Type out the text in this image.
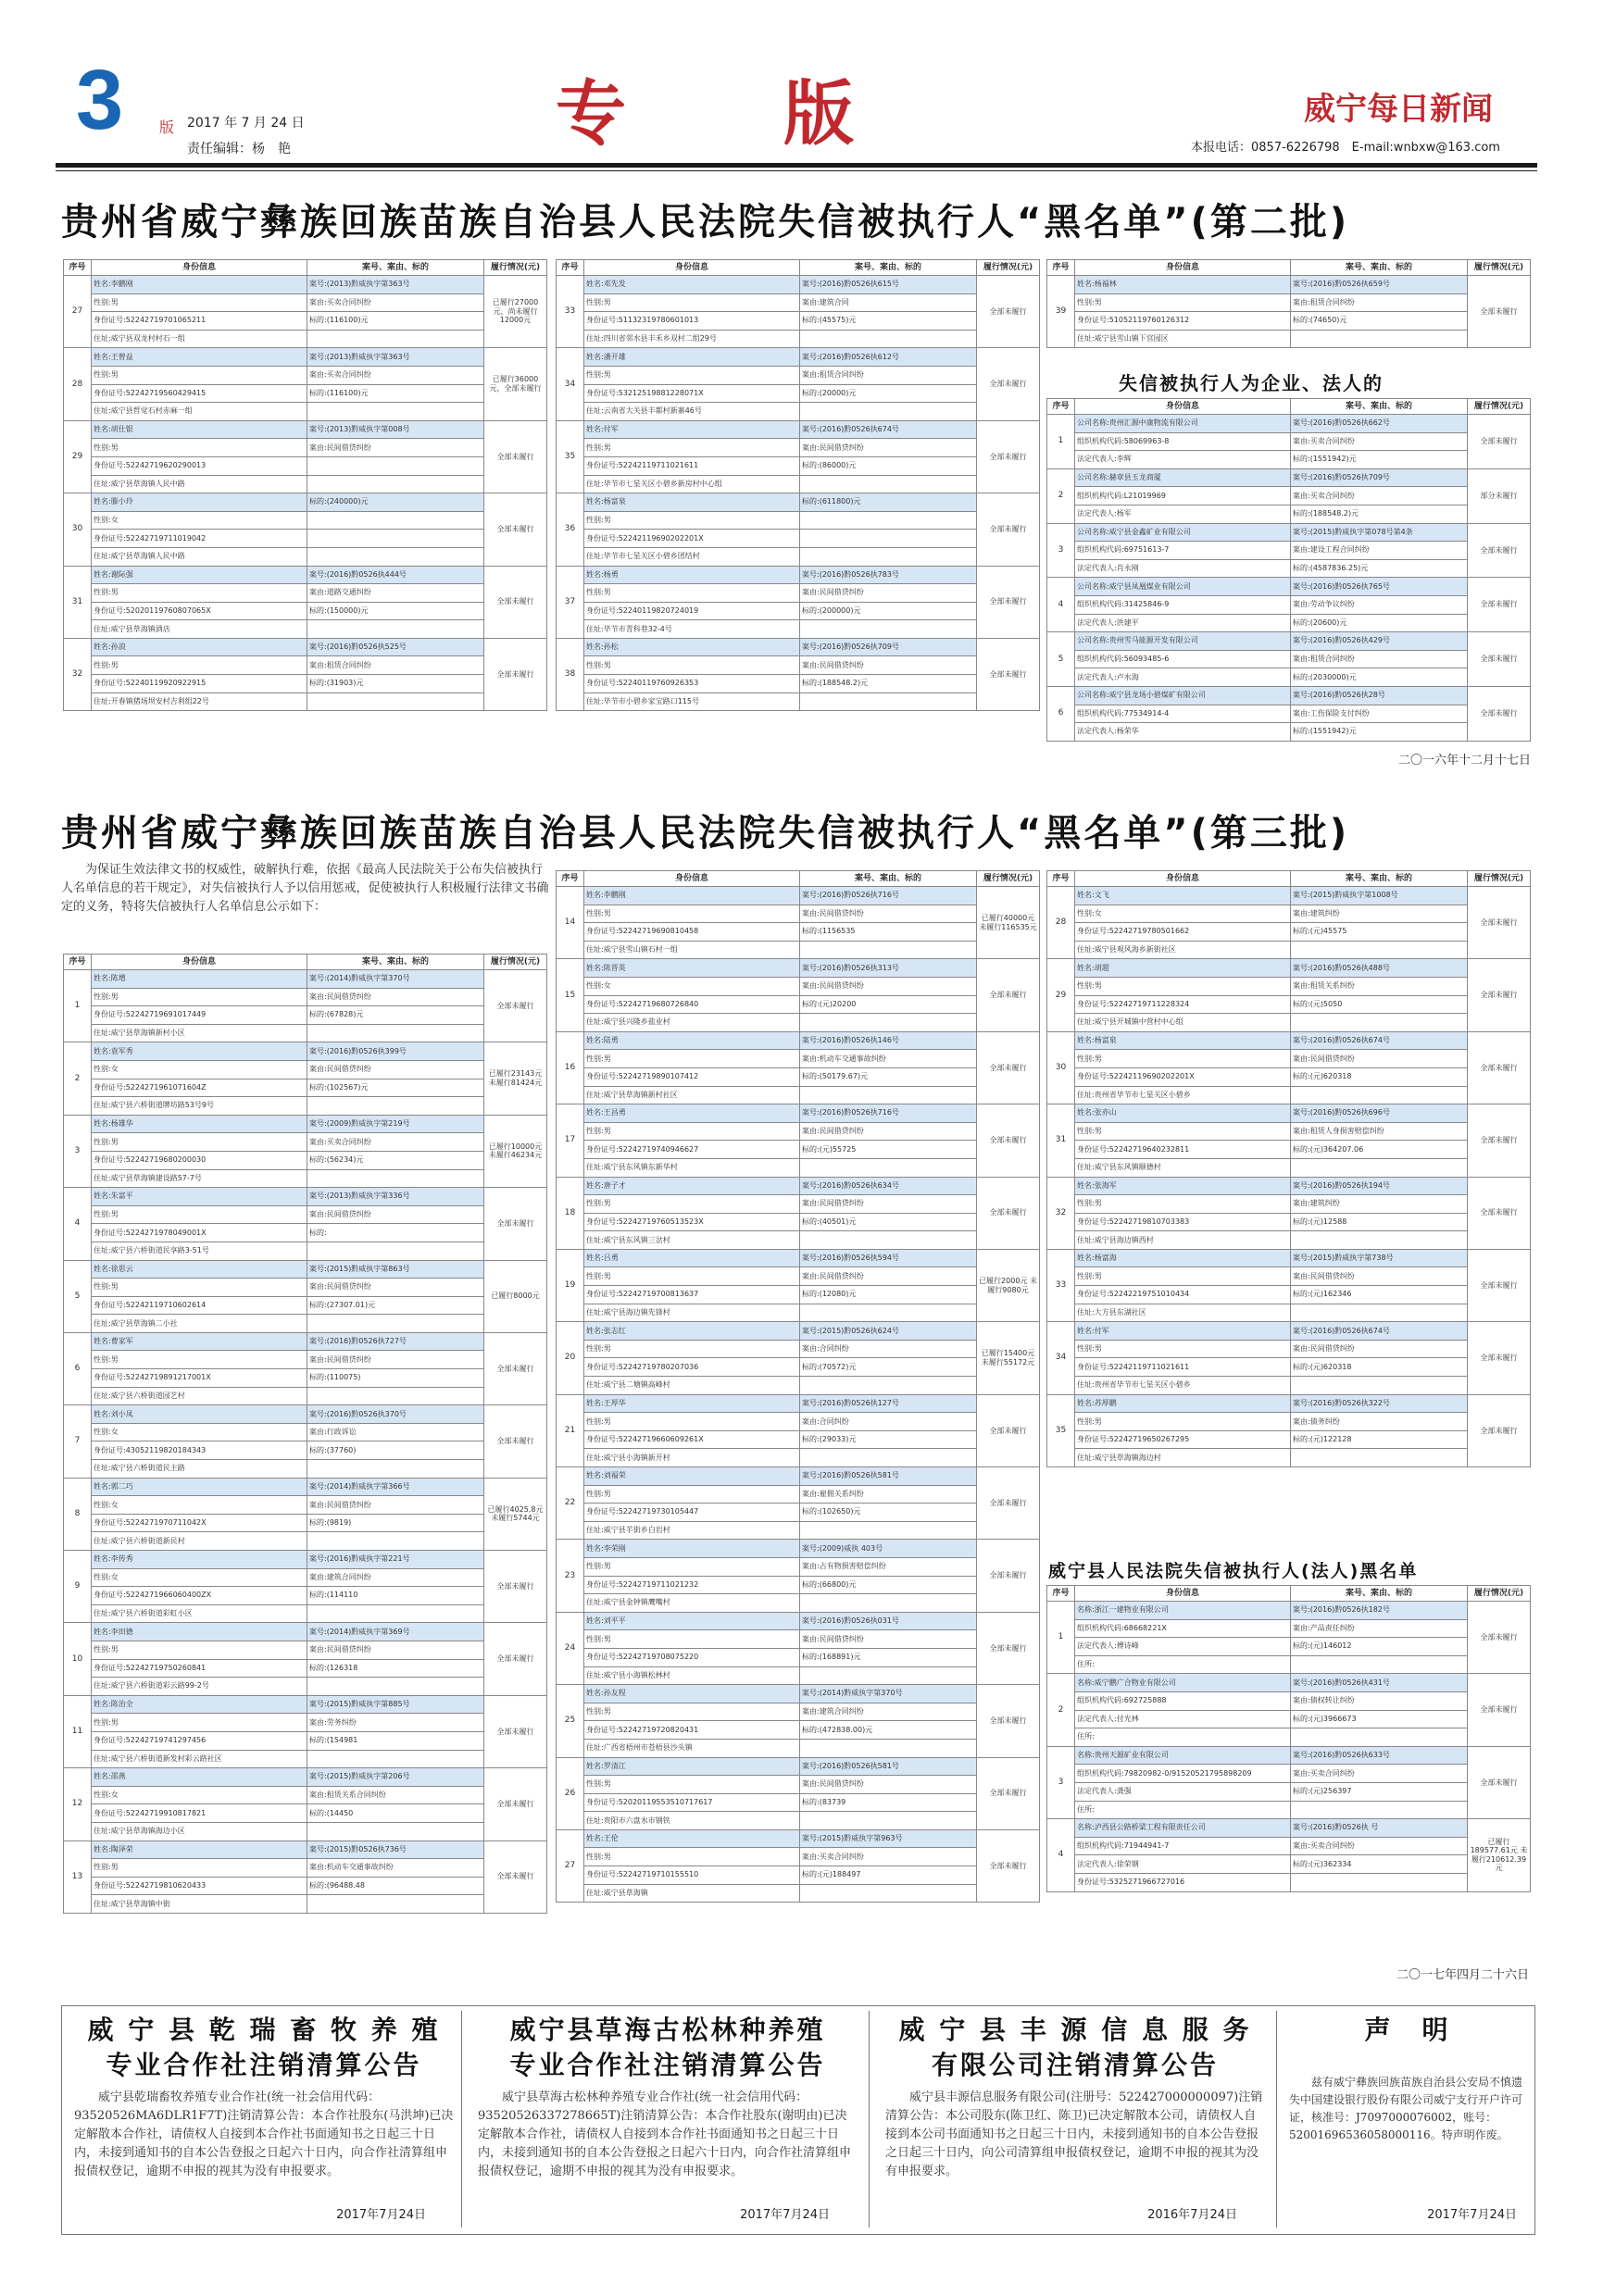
3 版 2017 年 7 月 24 日
责任编辑：杨　艳	专版	威宁每日新闻
本报电话：0857-6226798　E-mail:wnbxw@163.com
贵州省威宁彝族回族苗族自治县人民法院失信被执行人“黑名单”(第二批)
序号	身份信息	案号、案由、标的	履行情况(元)
27	姓名:李鹏刚	案号:(2013)黔威执字第363号	已履行27000元，尚未履行12000元
	性别:男	案由:买卖合同纠纷	
	身份证号:52242719701065211	标的:(116100)元	
	住址:威宁县双龙村村石一组		
28	姓名:王曾益	案号:(2013)黔威执字第363号	已履行36000元，全部未履行
	性别:男	案由:买卖合同纠纷	
	身份证号:52242719560429415	标的:(116100)元	
	住址:威宁县哲觉石村赤麻一组		
29	姓名:胡仕银	案号:(2013)黔威执字第008号	全部未履行
	性别:男	案由:民间借贷纠纷	
	身份证号:52242719620290013		
	住址:威宁县草海镇人民中路		
30	姓名:滕小玲	标的:(240000)元	全部未履行
	性别:女		
	身份证号:52242719711019042		
	住址:威宁县草海镇人民中路		
31	姓名:谢际强	案号:(2016)黔0526执444号	全部未履行
	性别:男	案由:道路交通纠纷	
	身份证号:52020119760807065X	标的:(150000)元	
	住址:威宁县草海镇酒店		
32	姓名:孙浪	案号:(2016)黔0526执525号	全部未履行
	性别:男	案由:租赁合同纠纷	
	身份证号:52240119920922915	标的:(31903)元	
	住址:开春镇猪场坝安村吉利组22号		
序号	身份信息	案号、案由、标的	履行情况(元)
33	姓名:邓先发	案号:(2016)黔0526执615号	全部未履行
	性别:男	案由:建筑合同	
	身份证号:51132319780601013	标的:(45575)元	
	住址:四川省邻水县丰禾乡双村二组29号		
34	姓名:潘开雄	案号:(2016)黔0526执612号	全部未履行
	性别:男	案由:租赁合同纠纷	
	身份证号:53212519881228071X	标的:(20000)元	
	住址:云南省大关县丰都村新寨46号		
35	姓名:付军	案号:(2016)黔0526执674号	全部未履行
	性别:男	案由:民间借贷纠纷	
	身份证号:52242119711021611	标的:(86000)元	
	住址:毕节市七星关区小碧乡新房村中心组		
36	姓名:杨富泉	标的:(611800)元	全部未履行
	性别:男		
	身份证号:52242119690202201X		
	住址:毕节市七星关区小碧乡团结村		
37	姓名:杨勇	案号:(2016)黔0526执783号	全部未履行
	性别:男	案由:民间借贷纠纷	
	身份证号:52240119820724019	标的:(200000)元	
	住址:毕节市青科巷32-4号		
38	姓名:孙松	案号:(2016)黔0526执709号	全部未履行
	性别:男	案由:民间借贷纠纷	
	身份证号:52240119760926353	标的:(188548.2)元	
	住址:毕节市小碧乡家宝路口115号		
序号	身份信息	案号、案由、标的	履行情况(元)
39	姓名:杨福林	案号:(2016)黔0526执659号	全部未履行
	性别:男	案由:租赁合同纠纷	
	身份证号:51052119760126312	标的:(74650)元	
	住址:威宁县雪山镇下官园区		
失信被执行人为企业、法人的
序号	身份信息	案号、案由、标的	履行情况(元)
1	公司名称:贵州汇源中康物流有限公司	案号:(2016)黔0526执662号	全部未履行
	组织机构代码:58069963-8	案由:买卖合同纠纷	
	法定代表人:李辉	标的:(1551942)元	
2	公司名称:赫章县玉龙商厦	案号:(2016)黔0526执709号	部分未履行
	组织机构代码:L21019969	案由:买卖合同纠纷	
	法定代表人:杨军	标的:(188548.2)元	
3	公司名称:威宁县金鑫矿业有限公司	案号:(2015)黔威执字第078号第4条	全部未履行
	组织机构代码:69751613-7	案由:建设工程合同纠纷	
	法定代表人:肖永刚	标的:(4587836.25)元	
4	公司名称:威宁县凤凰煤业有限公司	案号:(2016)黔0526执765号	全部未履行
	组织机构代码:31425846-9	案由:劳动争议纠纷	
	法定代表人:洪建平	标的:(20600)元	
5	公司名称:贵州雪马能源开发有限公司	案号:(2016)黔0526执429号	全部未履行
	组织机构代码:56093485-6	案由:租赁合同纠纷	
	法定代表人:卢水海	标的:(2030000)元	
6	公司名称:威宁县龙场小碧煤矿有限公司	案号:(2016)黔0526执28号	全部未履行
	组织机构代码:77534914-4	案由:工伤保险支付纠纷	
	法定代表人:杨荣华	标的:(1551942)元	
二〇一六年十二月十七日
贵州省威宁彝族回族苗族自治县人民法院失信被执行人“黑名单”(第三批)
为保证生效法律文书的权威性，破解执行难，依据《最高人民法院关于公布失信被执行人名单信息的若干规定》，对失信被执行人予以信用惩戒，促使被执行人积极履行法律文书确定的义务，特将失信被执行人名单信息公示如下：
序号	身份信息	案号、案由、标的	履行情况(元)
1	姓名:陈增	案号:(2014)黔威执字第370号	全部未履行
	性别:男	案由:民间借贷纠纷	
	身份证号:52242719691017449	标的:(67828)元	
	住址:威宁县草海镇新村小区		
2	姓名:袁军秀	案号:(2016)黔0526执399号	已履行23143元 未履行81424元
	性别:女	案由:民间借贷纠纷	
	身份证号:5224271961071604Z	标的:(102567)元	
	住址:威宁县六桥街道牌坊路53号9号		
3	姓名:杨雄华	案号:(2009)黔威执字第219号	已履行10000元 未履行46234元
	性别:男	案由:买卖合同纠纷	
	身份证号:52242719680200030	标的:(56234)元	
	住址:威宁县草海镇建设路57-7号		
4	姓名:朱富平	案号:(2013)黔威执字第336号	全部未履行
	性别:男	案由:民间借贷纠纷	
	身份证号:5224271978049001X	标的:	
	住址:威宁县六桥街道民享路3-51号		
5	姓名:徐思云	案号:(2015)黔威执字第863号	已履行8000元
	性别:男	案由:民间借贷纠纷	
	身份证号:52242119710602614	标的:(27307.01)元	
	住址:威宁县草海镇二小社		
6	姓名:曹家军	案号:(2016)黔0526执727号	全部未履行
	性别:男	案由:民间借贷纠纷	
	身份证号:52242719891217001X	标的:(110075)	
	住址:威宁县六桥街道园艺村		
7	姓名:刘小凤	案号:(2016)黔0526执370号	全部未履行
	性别:女	案由:行政诉讼	
	身份证号:43052119820184343	标的:(37760)	
	住址:威宁县六桥街道民主路		
8	姓名:郭二巧	案号:(2014)黔威执字第366号	已履行4025.8元 未履行5744元
	性别:女	案由:民间借贷纠纷	
	身份证号:5224271970711042X	标的:(9819)	
	住址:威宁县六桥街道新民村		
9	姓名:李传秀	案号:(2016)黔威执字第221号	全部未履行
	性别:女	案由:建筑合同纠纷	
	身份证号:5224271966060400ZX	标的:(114110	
	住址:威宁县六桥街道彩虹小区		
10	姓名:李田德	案号:(2014)黔威执字第369号	全部未履行
	性别:男	案由:民间借贷纠纷	
	身份证号:52242719750260841	标的:(126318	
	住址:威宁县六桥街道彩云路99-2号		
11	姓名:陈治全	案号:(2015)黔威执字第885号	全部未履行
	性别:男	案由:劳务纠纷	
	身份证号:52242719741297456	标的:(154981	
	住址:威宁县六桥街道新发村彩云路社区		
12	姓名:邵燕	案号:(2015)黔威执字第206号	全部未履行
	性别:女	案由:租赁关系合同纠纷	
	身份证号:52242719910817821	标的:(14450	
	住址:威宁县草海镇海边小区		
13	姓名:陶泽荣	案号:(2015)黔0526执736号	全部未履行
	性别:男	案由:机动车交通事故纠纷	
	身份证号:52242719810620433	标的:(96488.48	
	住址:威宁县草海镇中街		
序号	身份信息	案号、案由、标的	履行情况(元)
14	姓名:李鹏刚	案号:(2016)黔0526执716号	已履行40000元 未履行116535元
	性别:男	案由:民间借贷纠纷	
	身份证号:52242719690810458	标的:(1156535	
	住址:威宁县雪山镇石村一组		
15	姓名:陈晋英	案号:(2016)黔0526执313号	全部未履行
	性别:女	案由:民间借贷纠纷	
	身份证号:52242719680726840	标的:(元)20200	
	住址:威宁县兴隆乡盐业村		
16	姓名:陆勇	案号:(2016)黔0526执146号	全部未履行
	性别:男	案由:机动车交通事故纠纷	
	身份证号:52242719890107412	标的:(50179.67)元	
	住址:威宁县草海镇新村社区		
17	姓名:王昌勇	案号:(2016)黔0526执716号	全部未履行
	性别:男	案由:民间借贷纠纷	
	身份证号:52242719740946627	标的:(元)55725	
	住址:威宁县东风镇东新华村		
18	姓名:唐子才	案号:(2016)黔0526执634号	全部未履行
	性别:男	案由:民间借贷纠纷	
	身份证号:52242719760513523X	标的:(40501)元	
	住址:威宁县东风镇三岔村		
19	姓名:吕勇	案号:(2016)黔0526执594号	已履行2000元 未履行9080元
	性别:男	案由:民间借贷纠纷	
	身份证号:52242719700813637	标的:(12080)元	
	住址:威宁县海边镇先锋村		
20	姓名:张志红	案号:(2015)黔0526执624号	已履行15400元 未履行55172元
	性别:男	案由:合同纠纷	
	身份证号:52242719780207036	标的:(70572)元	
	住址:威宁县二塘镇高峰村		
21	姓名:王厚华	案号:(2016)黔0526执127号	全部未履行
	性别:男	案由:合同纠纷	
	身份证号:52242719660609261X	标的:(29033)元	
	住址:威宁县小海镇新开村		
22	姓名:刘福荣	案号:(2016)黔0526执581号	全部未履行
	性别:男	案由:雇佣关系纠纷	
	身份证号:52242719730105447	标的:(102650)元	
	住址:威宁县羊街乡白岩村		
23	姓名:李荣刚	案号:(2009)威执 403号	全部未履行
	性别:男	案由:占有物损害赔偿纠纷	
	身份证号:52242719711021232	标的:(66800)元	
	住址:威宁县金钟镇鹰嘴村		
24	姓名:刘平平	案号:(2016)黔0526执031号	全部未履行
	性别:男	案由:民间借贷纠纷	
	身份证号:52242719708075220	标的:(168891)元	
	住址:威宁县小海镇松林村		
25	姓名:孙友程	案号:(2014)黔威执字第370号	全部未履行
	性别:男	案由:建筑合同纠纷	
	身份证号:52242719720820431	标的:(472838.00)元	
	住址:广西省梧州市苍梧县沙头镇		
26	姓名:罗清江	案号:(2016)黔0526执581号	全部未履行
	性别:男	案由:民间借贷纠纷	
	身份证号:52020119553510717617	标的:(83739	
	住址:贵阳市六盘水市钢铁		
27	姓名:王伦	案号:(2015)黔威执字第963号	全部未履行
	性别:男	案由:买卖合同纠纷	
	身份证号:52242719710155510	标的:(元)188497	
	住址:威宁县草海镇		
序号	身份信息	案号、案由、标的	履行情况(元)
28	姓名:文飞	案号:(2015)黔威执字第1008号	全部未履行
	性别:女	案由:建筑纠纷	
	身份证号:52242719780501662	标的:(元)45575	
	住址:威宁县观风海乡新街社区		
29	姓名:胡超	案号:(2016)黔0526执488号	全部未履行
	性别:男	案由:租赁关系纠纷	
	身份证号:52242719711228324	标的:(元)5050	
	住址:威宁县开城镇中营村中心组		
30	姓名:杨富泉	案号:(2016)黔0526执674号	全部未履行
	性别:男	案由:民间借贷纠纷	
	身份证号:52242119690202201X	标的:(元)620318	
	住址:贵州省毕节市七星关区小碧乡		
31	姓名:张亦山	案号:(2016)黔0526执696号	全部未履行
	性别:男	案由:租赁人身损害赔偿纠纷	
	身份证号:52242719640232811	标的:(元)364207.06	
	住址:威宁县东风镇顺德村		
32	姓名:张海军	案号:(2016)黔0526执194号	全部未履行
	性别:男	案由:建筑纠纷	
	身份证号:52242719810703383	标的:(元)12588	
	住址:威宁县海边镇西村		
33	姓名:杨富海	案号:(2015)黔威执字第738号	全部未履行
	性别:男	案由:民间借贷纠纷	
	身份证号:52242219751010434	标的:(元)162346	
	住址:大方县东湖社区		
34	姓名:付军	案号:(2016)黔0526执674号	全部未履行
	性别:男	案由:民间借贷纠纷	
	身份证号:52242119711021611	标的:(元)620318	
	住址:贵州省毕节市七星关区小碧乡		
35	姓名:苏厚鹏	案号:(2016)黔0526执322号	全部未履行
	性别:男	案由:债务纠纷	
	身份证号:52242719650267295	标的:(元)122128	
	住址:威宁县草海镇海边村		
威宁县人民法院失信被执行人(法人)黑名单
序号	身份信息	案号、案由、标的	履行情况(元)
1	名称:浙江一建物业有限公司	案号:(2016)黔0526执182号	全部未履行
	组织机构代码:68668221X	案由:产品责任纠纷	
	法定代表人:傅诗峰	标的:(元)146012	
	住所:		
2	名称:威宁鹏广合物业有限公司	案号:(2016)黔0526执431号	全部未履行
	组织机构代码:692725888	案由:债权转让纠纷	
	法定代表人:付光林	标的:(元)3966673	
	住所:		
3	名称:贵州天源矿业有限公司	案号:(2016)黔0526执633号	全部未履行
	组织机构代码:79820982-0/91520521795898209	案由:买卖合同纠纷	
	法定代表人:龚强	标的:(元)256397	
	住所:		
4	名称:泸西县公路桥梁工程有限责任公司	案号:(2016)黔0526执 号	已履行189577.61元 未履行210612.39元
	组织机构代码:71944941-7	案由:买卖合同纠纷	
	法定代表人:徐荣钢	标的:(元)362334	
	身份证号:5325271966727016		
二〇一七年四月二十六日
威 宁 县 乾 瑞 畜 牧 养 殖
专业合作社注销清算公告

威宁县乾瑞畜牧养殖专业合作社(统一社会信用代码：93520526MA6DLR1F7T)注销清算公告：本合作社股东(马洪坤)已决定解散本合作社，请债权人自接到本合作社书面通知书之日起三十日内，未接到通知书的自本公告登报之日起六十日内，向合作社清算组申报债权登记，逾期不申报的视其为没有申报要求。

2017年7月24日
威宁县草海古松林种养殖
专业合作社注销清算公告

威宁县草海古松林种养殖专业合作社(统一社会信用代码：93520526337278665T)注销清算公告：本合作社股东(谢明由)已决定解散本合作社，请债权人自接到本合作社书面通知书之日起三十日内，未接到通知书的自本公告登报之日起六十日内，向合作社清算组申报债权登记，逾期不申报的视其为没有申报要求。

2017年7月24日
威 宁 县 丰 源 信 息 服 务
有限公司注销清算公告

威宁县丰源信息服务有限公司(注册号：522427000000097)注销清算公告：本公司股东(陈卫红、陈卫)已决定解散本公司，请债权人自接到本公司书面通知书之日起三十日内，未接到通知书的自本公告登报之日起三十日内，向公司清算组申报债权登记，逾期不申报的视其为没有申报要求。

2016年7月24日
声　明

兹有威宁彝族回族苗族自治县公安局不慎遗失中国建设银行股份有限公司威宁支行开户许可证，核准号：J7097000076002，账号：52001696536058000116。特声明作废。

2017年7月24日
